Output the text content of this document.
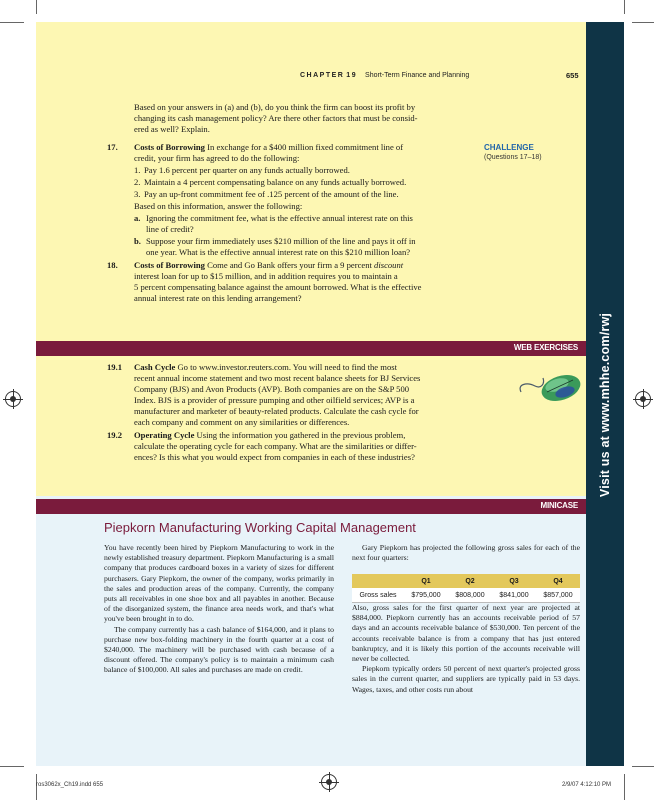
Visit us at www.mhhe.com/rwj
CHAPTER 19 Short-Term Finance and Planning	655
Based on your answers in (a) and (b), do you think the firm can boost its profit by
changing its cash management policy? Are there other factors that must be consid-
ered as well? Explain.
17. Costs of Borrowing In exchange for a $400 million fixed commitment line of
credit, your firm has agreed to do the following:
1. Pay 1.6 percent per quarter on any funds actually borrowed.
2. Maintain a 4 percent compensating balance on any funds actually borrowed.
3. Pay an up-front commitment fee of .125 percent of the amount of the line.
Based on this information, answer the following:
a. Ignoring the commitment fee, what is the effective annual interest rate on this
line of credit?
b. Suppose your firm immediately uses $210 million of the line and pays it off in
one year. What is the effective annual interest rate on this $210 million loan?
18. Costs of Borrowing Come and Go Bank offers your firm a 9 percent discount
interest loan for up to $15 million, and in addition requires you to maintain a
5 percent compensating balance against the amount borrowed. What is the effective
annual interest rate on this lending arrangement?
CHALLENGE
(Questions 17–18)
WEB EXERCISES
19.1 Cash Cycle Go to www.investor.reuters.com. You will need to find the most
recent annual income statement and two most recent balance sheets for BJ Services
Company (BJS) and Avon Products (AVP). Both companies are on the S&P 500
Index. BJS is a provider of pressure pumping and other oilfield services; AVP is a
manufacturer and marketer of beauty-related products. Calculate the cash cycle for
each company and comment on any similarities or differences.
19.2 Operating Cycle Using the information you gathered in the previous problem,
calculate the operating cycle for each company. What are the similarities or differ-
ences? Is this what you would expect from companies in each of these industries?
MINICASE
Piepkorn Manufacturing Working Capital Management

You have recently been hired by Piepkorn Manufacturing to work in the newly established treasury department. Piepkorn Manufacturing is a small company that produces cardboard boxes in a variety of sizes for different purchasers. Gary Piepkorn, the owner of the company, works primarily in the sales and production areas of the company. Currently, the company puts all receivables in one shoe box and all payables in another. Because of the disorganized system, the finance area needs work, and that's what you've been brought in to do.

The company currently has a cash balance of $164,000, and it plans to purchase new box-folding machinery in the fourth quarter at a cost of $240,000. The machinery will be purchased with cash because of a discount offered. The company's policy is to maintain a minimum cash balance of $100,000. All sales and purchases are made on credit.

Gary Piepkorn has projected the following gross sales for each of the next four quarters:

	Q1	Q2	Q3	Q4
Gross sales	$795,000	$808,000	$841,000	$857,000

Also, gross sales for the first quarter of next year are projected at $884,000. Piepkorn currently has an accounts receivable period of 57 days and an accounts receivable balance of $530,000. Ten percent of the accounts receivable balance is from a company that has just entered bankruptcy, and it is likely this portion of the accounts receivable will never be collected.

Piepkorn typically orders 50 percent of next quarter's projected gross sales in the current quarter, and suppliers are typically paid in 53 days. Wages, taxes, and other costs run about

ros3062x_Ch19.indd 655	2/9/07 4:12:10 PM
